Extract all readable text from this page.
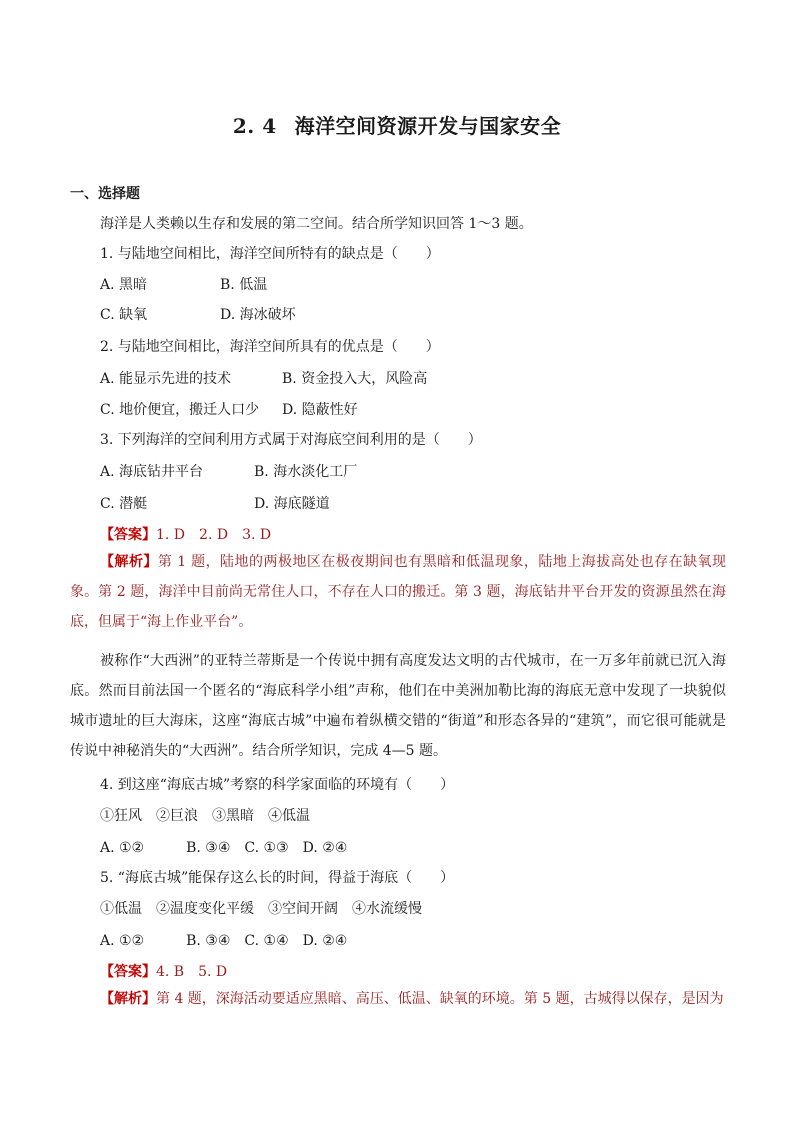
2. 4 海洋空间资源开发与国家安全
一、选择题
海洋是人类赖以生存和发展的第二空间。结合所学知识回答 1～3 题。
1. 与陆地空间相比，海洋空间所特有的缺点是（　　）
A. 黑暗	B. 低温
C. 缺氧	D. 海冰破坏
2. 与陆地空间相比，海洋空间所具有的优点是（　　）
A. 能显示先进的技术	B. 资金投入大，风险高
C. 地价便宜，搬迁人口少 D. 隐蔽性好
3. 下列海洋的空间利用方式属于对海底空间利用的是（　　）
A. 海底钻井平台	B. 海水淡化工厂
C. 潜艇	D. 海底隧道
【答案】1. D　2. D　3. D

【解析】第 1 题，陆地的两极地区在极夜期间也有黑暗和低温现象，陆地上海拔高处也存在缺氧现象。第 2 题，海洋中目前尚无常住人口，不存在人口的搬迁。第 3 题，海底钻井平台开发的资源虽然在海底，但属于“海上作业平台”。

被称作“大西洲”的亚特兰蒂斯是一个传说中拥有高度发达文明的古代城市，在一万多年前就已沉入海底。然而目前法国一个匿名的“海底科学小组”声称，他们在中美洲加勒比海的海底无意中发现了一块貌似城市遗址的巨大海床，这座“海底古城”中遍布着纵横交错的“街道”和形态各异的“建筑”，而它很可能就是传说中神秘消失的“大西洲”。结合所学知识，完成 4—5 题。

4. 到这座“海底古城”考察的科学家面临的环境有（　　）
①狂风　②巨浪　③黑暗　④低温
A. ①②　　　B. ③④　C. ①③　D. ②④
5. “海底古城”能保存这么长的时间，得益于海底（　　）
①低温　②温度变化平缓　③空间开阔　④水流缓慢
A. ①②　　　B. ③④　C. ①④　D. ②④
【答案】4. B　5. D

【解析】第 4 题，深海活动要适应黑暗、高压、低温、缺氧的环境。第 5 题，古城得以保存，是因为
